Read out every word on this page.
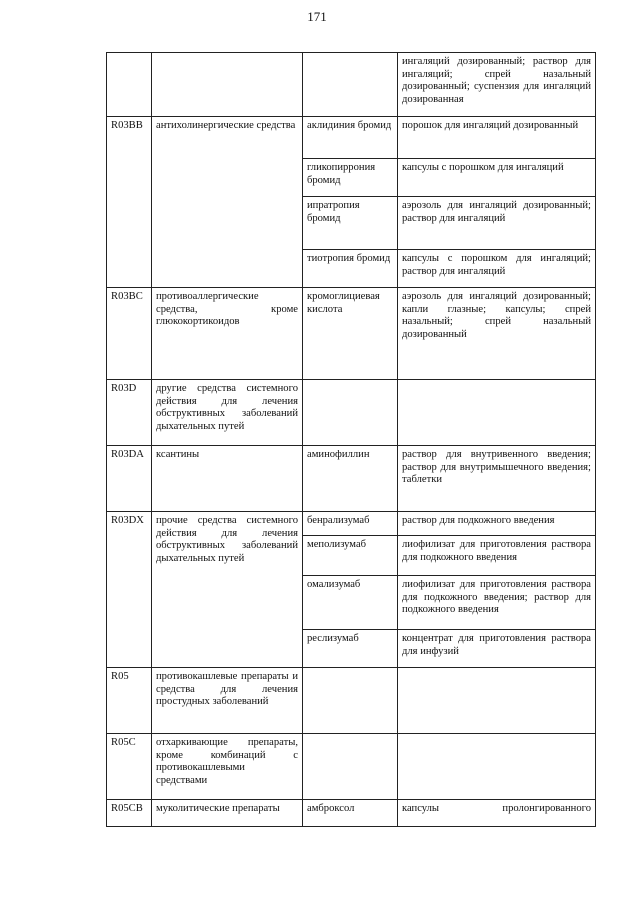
171
			ингаляций дозированный; раствор для ингаляций; спрей назальный дозированный; суспензия для ингаляций дозированная
R03BB	антихолинергические средства	аклидиния бромид	порошок для ингаляций дозированный
		гликопиррония бромид	капсулы с порошком для ингаляций
		ипратропия бромид	аэрозоль для ингаляций дозированный; раствор для ингаляций
		тиотропия бромид	капсулы с порошком для ингаляций; раствор для ингаляций
R03BC	противоаллергические средства, кроме глюкокортикоидов	кромоглициевая кислота	аэрозоль для ингаляций дозированный; капли глазные; капсулы; спрей назальный; спрей назальный дозированный
R03D	другие средства системного действия для лечения обструктивных заболеваний дыхательных путей		
R03DA	ксантины	аминофиллин	раствор для внутривенного введения; раствор для внутримышечного введения; таблетки
R03DX	прочие средства системного действия для лечения обструктивных заболеваний дыхательных путей	бенрализумаб	раствор для подкожного введения
		меполизумаб	лиофилизат для приготовления раствора для подкожного введения
		омализумаб	лиофилизат для приготовления раствора для подкожного введения; раствор для подкожного введения
		реслизумаб	концентрат для приготовления раствора для инфузий
R05	противокашлевые препараты и средства для лечения простудных заболеваний		
R05C	отхаркивающие препараты, кроме комбинаций с противокашлевыми средствами		
R05CB	муколитические препараты	амброксол	капсулы пролонгированного
